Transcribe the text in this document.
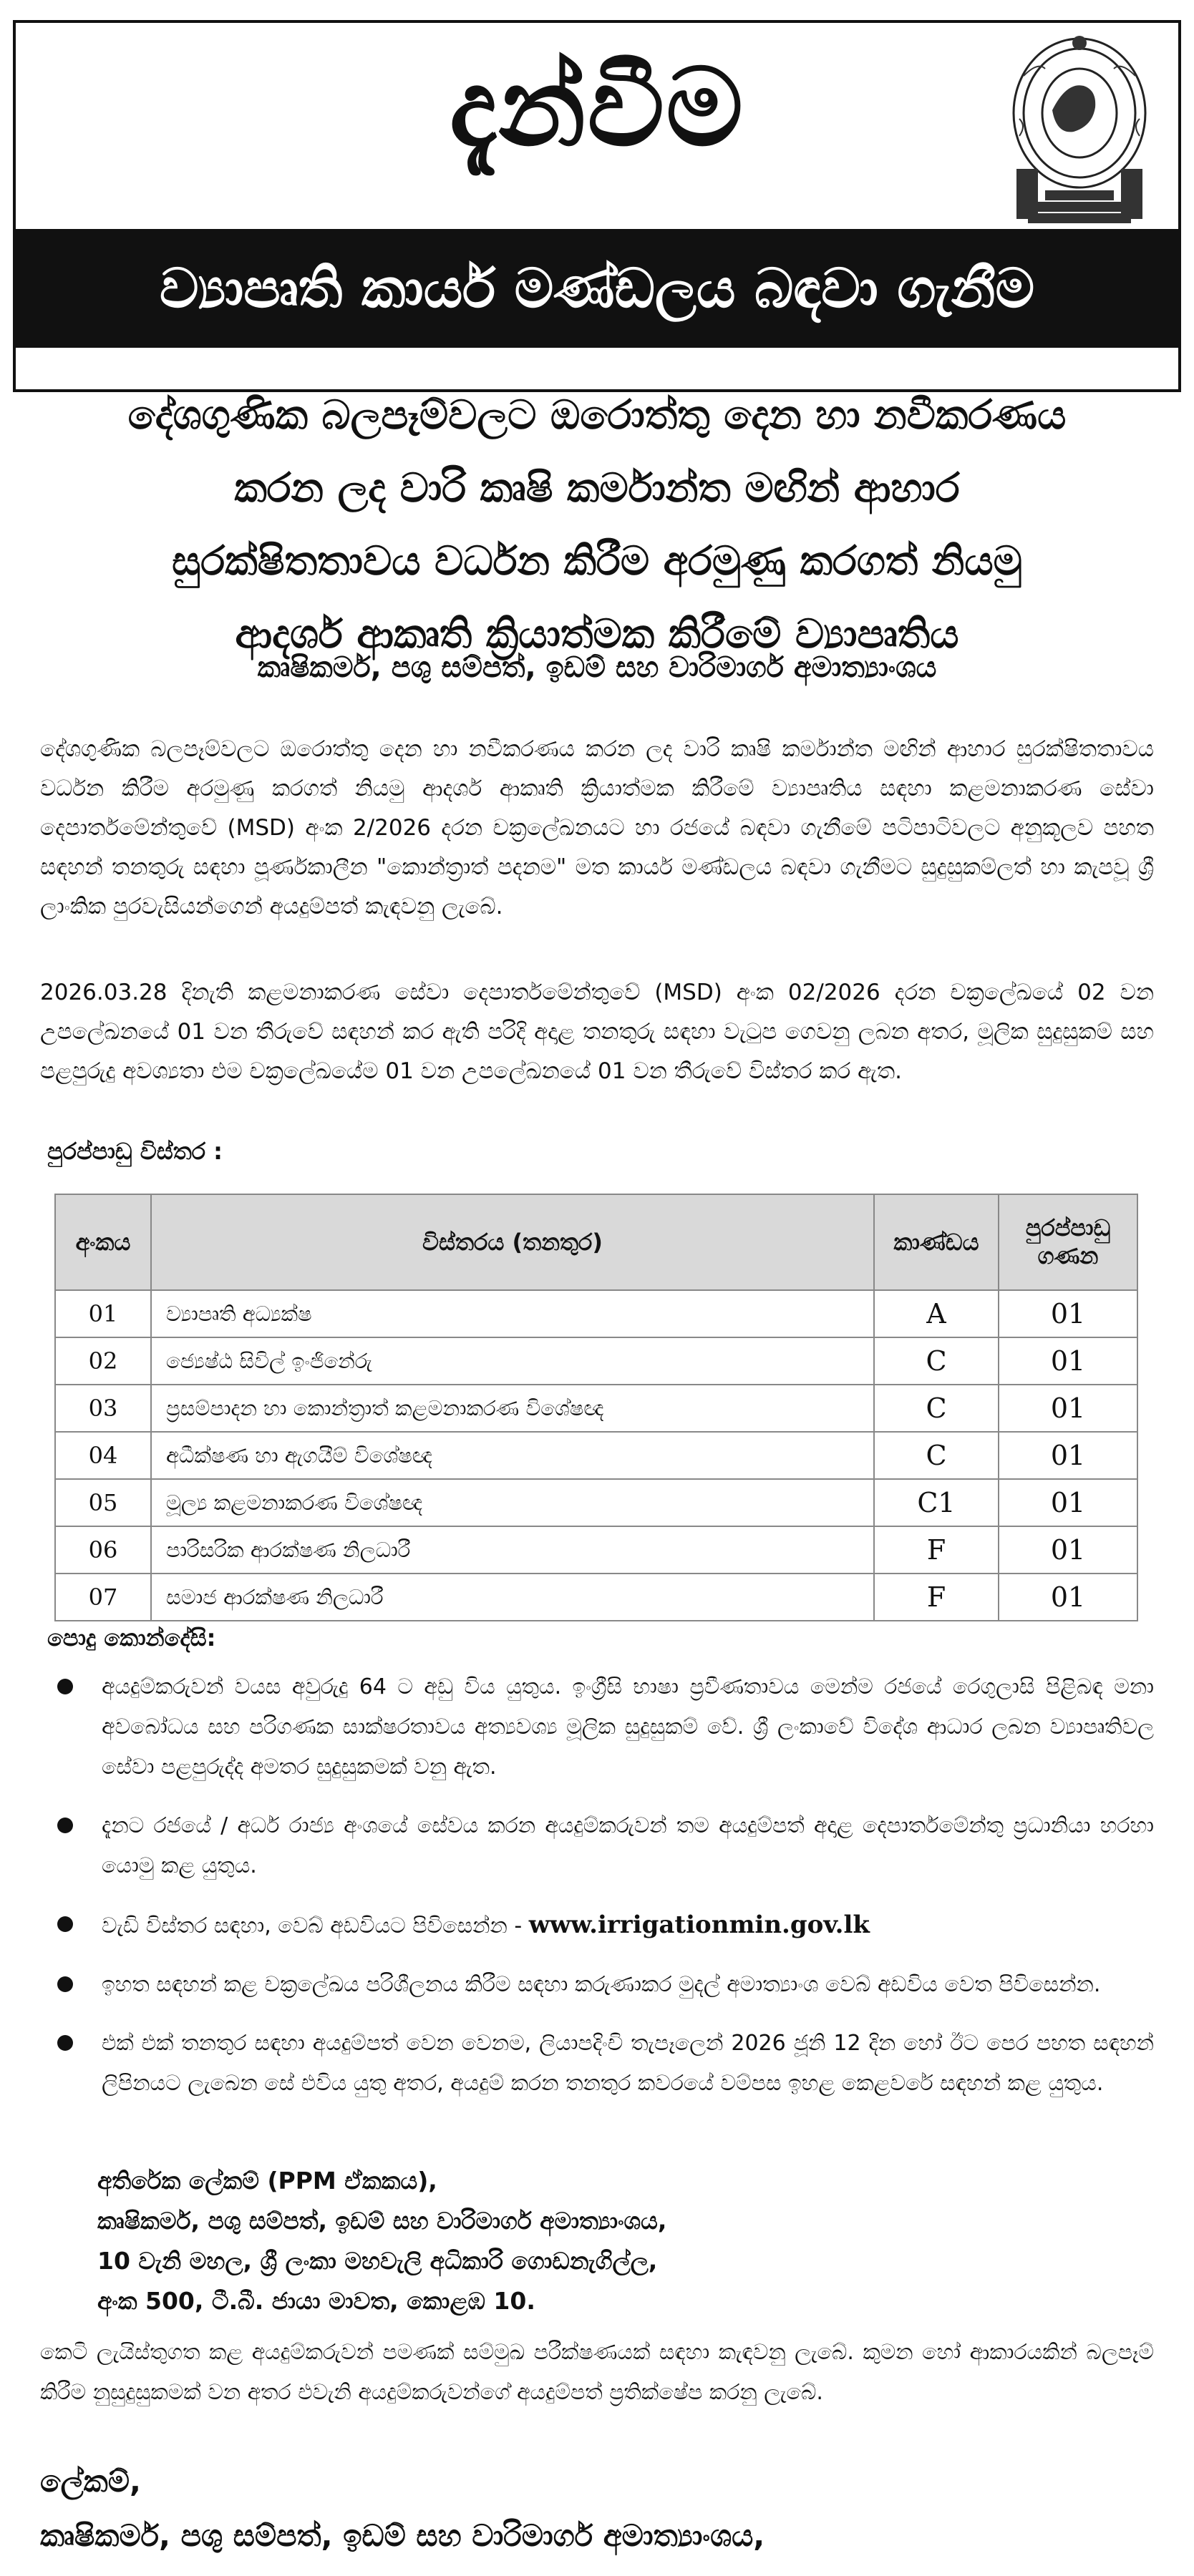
දැන්වීම
ව්‍යාපෘති කාර්ය මණ්ඩලය බඳවා ගැනීම
දේශගුණික බලපෑම්වලට ඔරොත්තු දෙන හා නවීකරණය
කරන ලද වාරි කෘෂි කර්මාන්ත මඟින් ආහාර
සුරක්ෂිතතාවය වර්ධන කිරීම අරමුණු කරගත් නියමු
ආදර්ශ ආකෘති ක්‍රියාත්මක කිරීමේ ව්‍යාපෘතිය
කෘෂිකර්ම, පශු සම්පත්, ඉඩම් සහ වාරිමාර්ග අමාත්‍යාංශය
දේශගුණික බලපෑම්වලට ඔරොත්තු දෙන හා නවීකරණය කරන ලද වාරි කෘෂි කර්මාන්ත මඟින් ආහාර සුරක්ෂිතතාවය වර්ධන කිරීම අරමුණු කරගත් නියමු ආදර්ශ ආකෘති ක්‍රියාත්මක කිරීමේ ව්‍යාපෘතිය සඳහා කළමනාකරණ සේවා දෙපාර්තමේන්තුවේ (MSD) අංක 2/2026 දරන චක්‍රලේඛනයට හා රජයේ බඳවා ගැනීමේ පටිපාටිවලට අනුකූලව පහත සඳහන් තනතුරු සඳහා පූර්ණකාලීන "කොන්ත්‍රාත් පදනම" මත කාර්ය මණ්ඩලය බඳවා ගැනීමට සුදුසුකම්ලත් හා කැපවූ ශ්‍රී ලාංකික පුරවැසියන්ගෙන් අයදුම්පත් කැඳවනු ලැබේ.
2026.03.28 දිනැති කළමනාකරණ සේවා දෙපාර්තමේන්තුවේ (MSD) අංක 02/2026 දරන චක්‍රලේඛයේ 02 වන උපලේඛනයේ 01 වන තීරුවේ සඳහන් කර ඇති පරිදි අදාළ තනතුරු සඳහා වැටුප ගෙවනු ලබන අතර, මූලික සුදුසුකම් සහ පළපුරුදු අවශ්‍යතා එම චක්‍රලේඛයේම 01 වන උපලේඛනයේ 01 වන තීරුවේ විස්තර කර ඇත.
පුරප්පාඩු විස්තර :
අංකය	විස්තරය (තනතුර)	කාණ්ඩය	පුරප්පාඩු ගණන
01	ව්‍යාපෘති අධ්‍යක්ෂ	A	01
02	ජ්‍යෙෂ්ඨ සිවිල් ඉංජිනේරු	C	01
03	ප්‍රසම්පාදන හා කොන්ත්‍රාත් කළමනාකරණ විශේෂඥ	C	01
04	අධීක්ෂණ හා ඇගයීම් විශේෂඥ	C	01
05	මූල්‍ය කළමනාකරණ විශේෂඥ	C1	01
06	පාරිසරික ආරක්ෂණ නිලධාරී	F	01
07	සමාජ ආරක්ෂණ නිලධාරී	F	01
පොදු කොන්දේසි:
අයදුම්කරුවන් වයස අවුරුදු 64 ට අඩු විය යුතුය. ඉංග්‍රීසි භාෂා ප්‍රවීණතාවය මෙන්ම රජයේ රෙගුලාසි පිළිබඳ මනා අවබෝධය සහ පරිගණක සාක්ෂරතාවය අත්‍යවශ්‍ය මූලික සුදුසුකම් වේ. ශ්‍රී ලංකාවේ විදේශ ආධාර ලබන ව්‍යාපෘතිවල සේවා පළපුරුද්ද අමතර සුදුසුකමක් වනු ඇත.
දැනට රජයේ / අර්ධ රාජ්‍ය අංශයේ සේවය කරන අයදුම්කරුවන් තම අයදුම්පත් අදාළ දෙපාර්තමේන්තු ප්‍රධානියා හරහා යොමු කළ යුතුය.
වැඩි විස්තර සඳහා, වෙබ් අඩවියට පිවිසෙන්න - www.irrigationmin.gov.lk
ඉහත සඳහන් කළ චක්‍රලේඛය පරිශීලනය කිරීම සඳහා කරුණාකර මුදල් අමාත්‍යාංශ වෙබ් අඩවිය වෙත පිවිසෙන්න.
එක් එක් තනතුර සඳහා අයදුම්පත් වෙන වෙනම, ලියාපදිංචි තැපෑලෙන් 2026 ජූනි 12 දින හෝ ඊට පෙර පහත සඳහන් ලිපිනයට ලැබෙන සේ එවිය යුතු අතර, අයදුම් කරන තනතුර කවරයේ වම්පස ඉහළ කෙළවරේ සඳහන් කළ යුතුය.
අතිරේක ලේකම් (PPM ඒකකය),
කෘෂිකර්ම, පශු සම්පත්, ඉඩම් සහ වාරිමාර්ග අමාත්‍යාංශය,
10 වැනි මහල, ශ්‍රී ලංකා මහවැලි අධිකාරි ගොඩනැගිල්ල,
අංක 500, ටී.බී. ජායා මාවත, කොළඹ 10.
කෙටි ලැයිස්තුගත කළ අයදුම්කරුවන් පමණක් සම්මුඛ පරීක්ෂණයක් සඳහා කැඳවනු ලැබේ. කුමන හෝ ආකාරයකින් බලපෑම් කිරීම නුසුදුසුකමක් වන අතර එවැනි අයදුම්කරුවන්ගේ අයදුම්පත් ප්‍රතික්ෂේප කරනු ලැබේ.
ලේකම්,
කෘෂිකර්ම, පශු සම්පත්, ඉඩම් සහ වාරිමාර්ග අමාත්‍යාංශය,
